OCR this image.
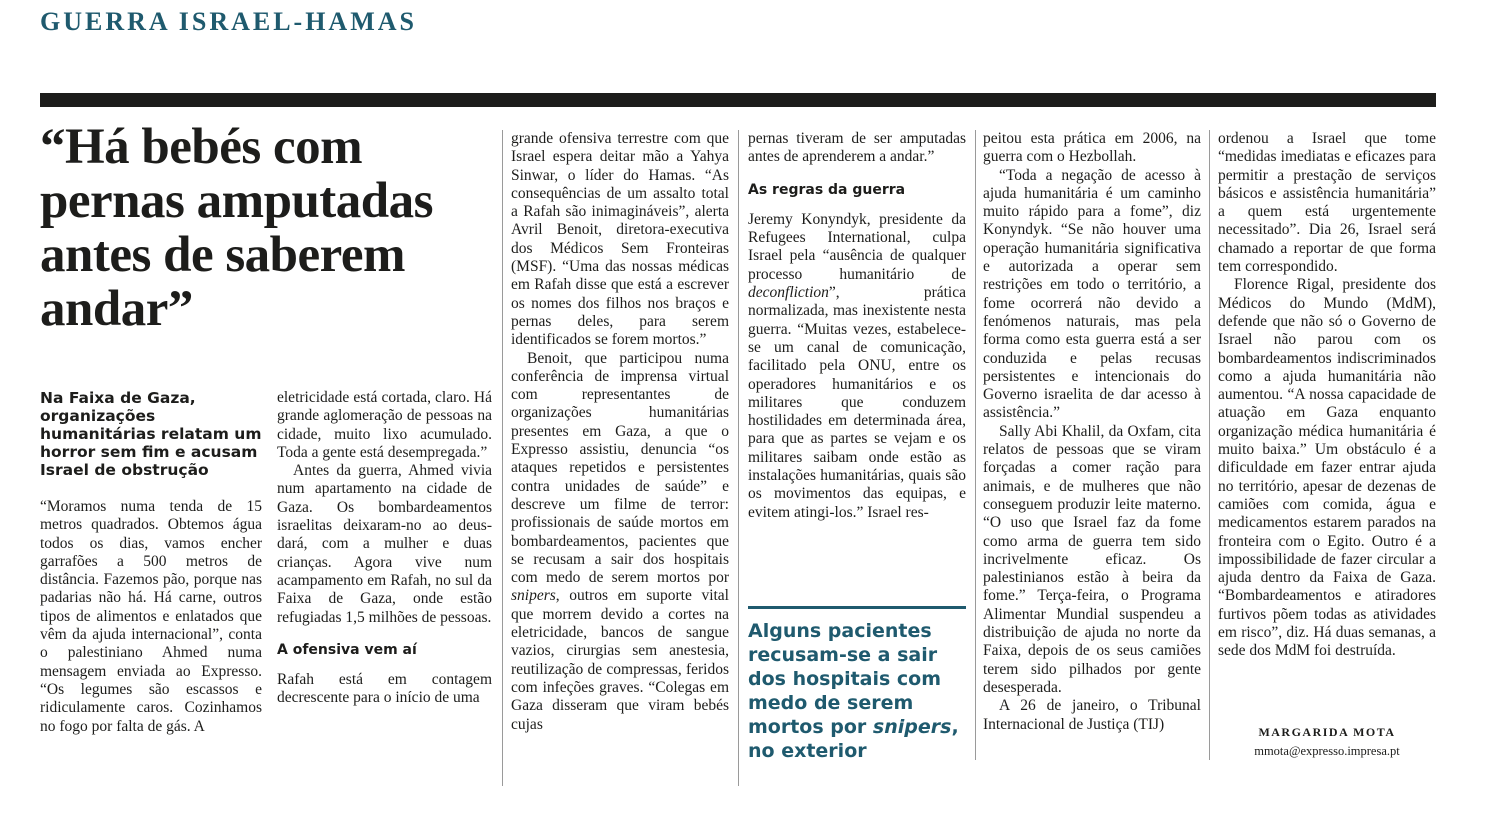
GUERRA ISRAEL-HAMAS
“Há bebés com pernas amputadas antes de saberem andar”

Na Faixa de Gaza, organizações humanitárias relatam um horror sem fim e acusam Israel de obstrução

“Moramos numa tenda de 15 metros quadrados. Obtemos água todos os dias, vamos encher garrafões a 500 metros de distância. Fazemos pão, porque nas padarias não há. Há carne, outros tipos de alimentos e enlatados que vêm da ajuda internacional”, conta o palestiniano Ahmed numa mensagem enviada ao Expresso. “Os legumes são escassos e ridiculamente caros. Cozinhamos no fogo por falta de gás. A

eletricidade está cortada, claro. Há grande aglomeração de pessoas na cidade, muito lixo acumulado. Toda a gente está desempregada.”

Antes da guerra, Ahmed vivia num apartamento na cidade de Gaza. Os bombardeamentos israelitas deixaram-no ao deus-dará, com a mulher e duas crianças. Agora vive num acampamento em Rafah, no sul da Faixa de Gaza, onde estão refugiadas 1,5 milhões de pessoas.

A ofensiva vem aí

Rafah está em contagem decrescente para o início de uma

grande ofensiva terrestre com que Israel espera deitar mão a Yahya Sinwar, o líder do Hamas. “As consequências de um assalto total a Rafah são inimagináveis”, alerta Avril Benoit, diretora-executiva dos Médicos Sem Fronteiras (MSF). “Uma das nossas médicas em Rafah disse que está a escrever os nomes dos filhos nos braços e pernas deles, para serem identificados se forem mortos.”

Benoit, que participou numa conferência de imprensa virtual com representantes de organizações humanitárias presentes em Gaza, a que o Expresso assistiu, denuncia “os ataques repetidos e persistentes contra unidades de saúde” e descreve um filme de terror: profissionais de saúde mortos em bombardeamentos, pacientes que se recusam a sair dos hospitais com medo de serem mortos por snipers, outros em suporte vital que morrem devido a cortes na eletricidade, bancos de sangue vazios, cirurgias sem anestesia, reutilização de compressas, feridos com infeções graves. “Colegas em Gaza disseram que viram bebés cujas

pernas tiveram de ser amputadas antes de aprenderem a andar.”

As regras da guerra

Jeremy Konyndyk, presidente da Refugees International, culpa Israel pela “ausência de qualquer processo humanitário de deconfliction”, prática normalizada, mas inexistente nesta guerra. “Muitas vezes, estabelece-se um canal de comunicação, facilitado pela ONU, entre os operadores humanitários e os militares que conduzem hostilidades em determinada área, para que as partes se vejam e os militares saibam onde estão as instalações humanitárias, quais são os movimentos das equipas, e evitem atingi-los.” Israel res-

Alguns pacientes recusam-se a sair dos hospitais com medo de serem mortos por snipers, no exterior

peitou esta prática em 2006, na guerra com o Hezbollah.

“Toda a negação de acesso à ajuda humanitária é um caminho muito rápido para a fome”, diz Konyndyk. “Se não houver uma operação humanitária significativa e autorizada a operar sem restrições em todo o território, a fome ocorrerá não devido a fenómenos naturais, mas pela forma como esta guerra está a ser conduzida e pelas recusas persistentes e intencionais do Governo israelita de dar acesso à assistência.”

Sally Abi Khalil, da Oxfam, cita relatos de pessoas que se viram forçadas a comer ração para animais, e de mulheres que não conseguem produzir leite materno. “O uso que Israel faz da fome como arma de guerra tem sido incrivelmente eficaz. Os palestinianos estão à beira da fome.” Terça-feira, o Programa Alimentar Mundial suspendeu a distribuição de ajuda no norte da Faixa, depois de os seus camiões terem sido pilhados por gente desesperada.

A 26 de janeiro, o Tribunal Internacional de Justiça (TIJ)

ordenou a Israel que tome “medidas imediatas e eficazes para permitir a prestação de serviços básicos e assistência humanitária” a quem está urgentemente necessitado”. Dia 26, Israel será chamado a reportar de que forma tem correspondido.

Florence Rigal, presidente dos Médicos do Mundo (MdM), defende que não só o Governo de Israel não parou com os bombardeamentos indiscriminados como a ajuda humanitária não aumentou. “A nossa capacidade de atuação em Gaza enquanto organização médica humanitária é muito baixa.” Um obstáculo é a dificuldade em fazer entrar ajuda no território, apesar de dezenas de camiões com comida, água e medicamentos estarem parados na fronteira com o Egito. Outro é a impossibilidade de fazer circular a ajuda dentro da Faixa de Gaza. “Bombardeamentos e atiradores furtivos põem todas as atividades em risco”, diz. Há duas semanas, a sede dos MdM foi destruída.

MARGARIDA MOTA
mmota@expresso.impresa.pt
